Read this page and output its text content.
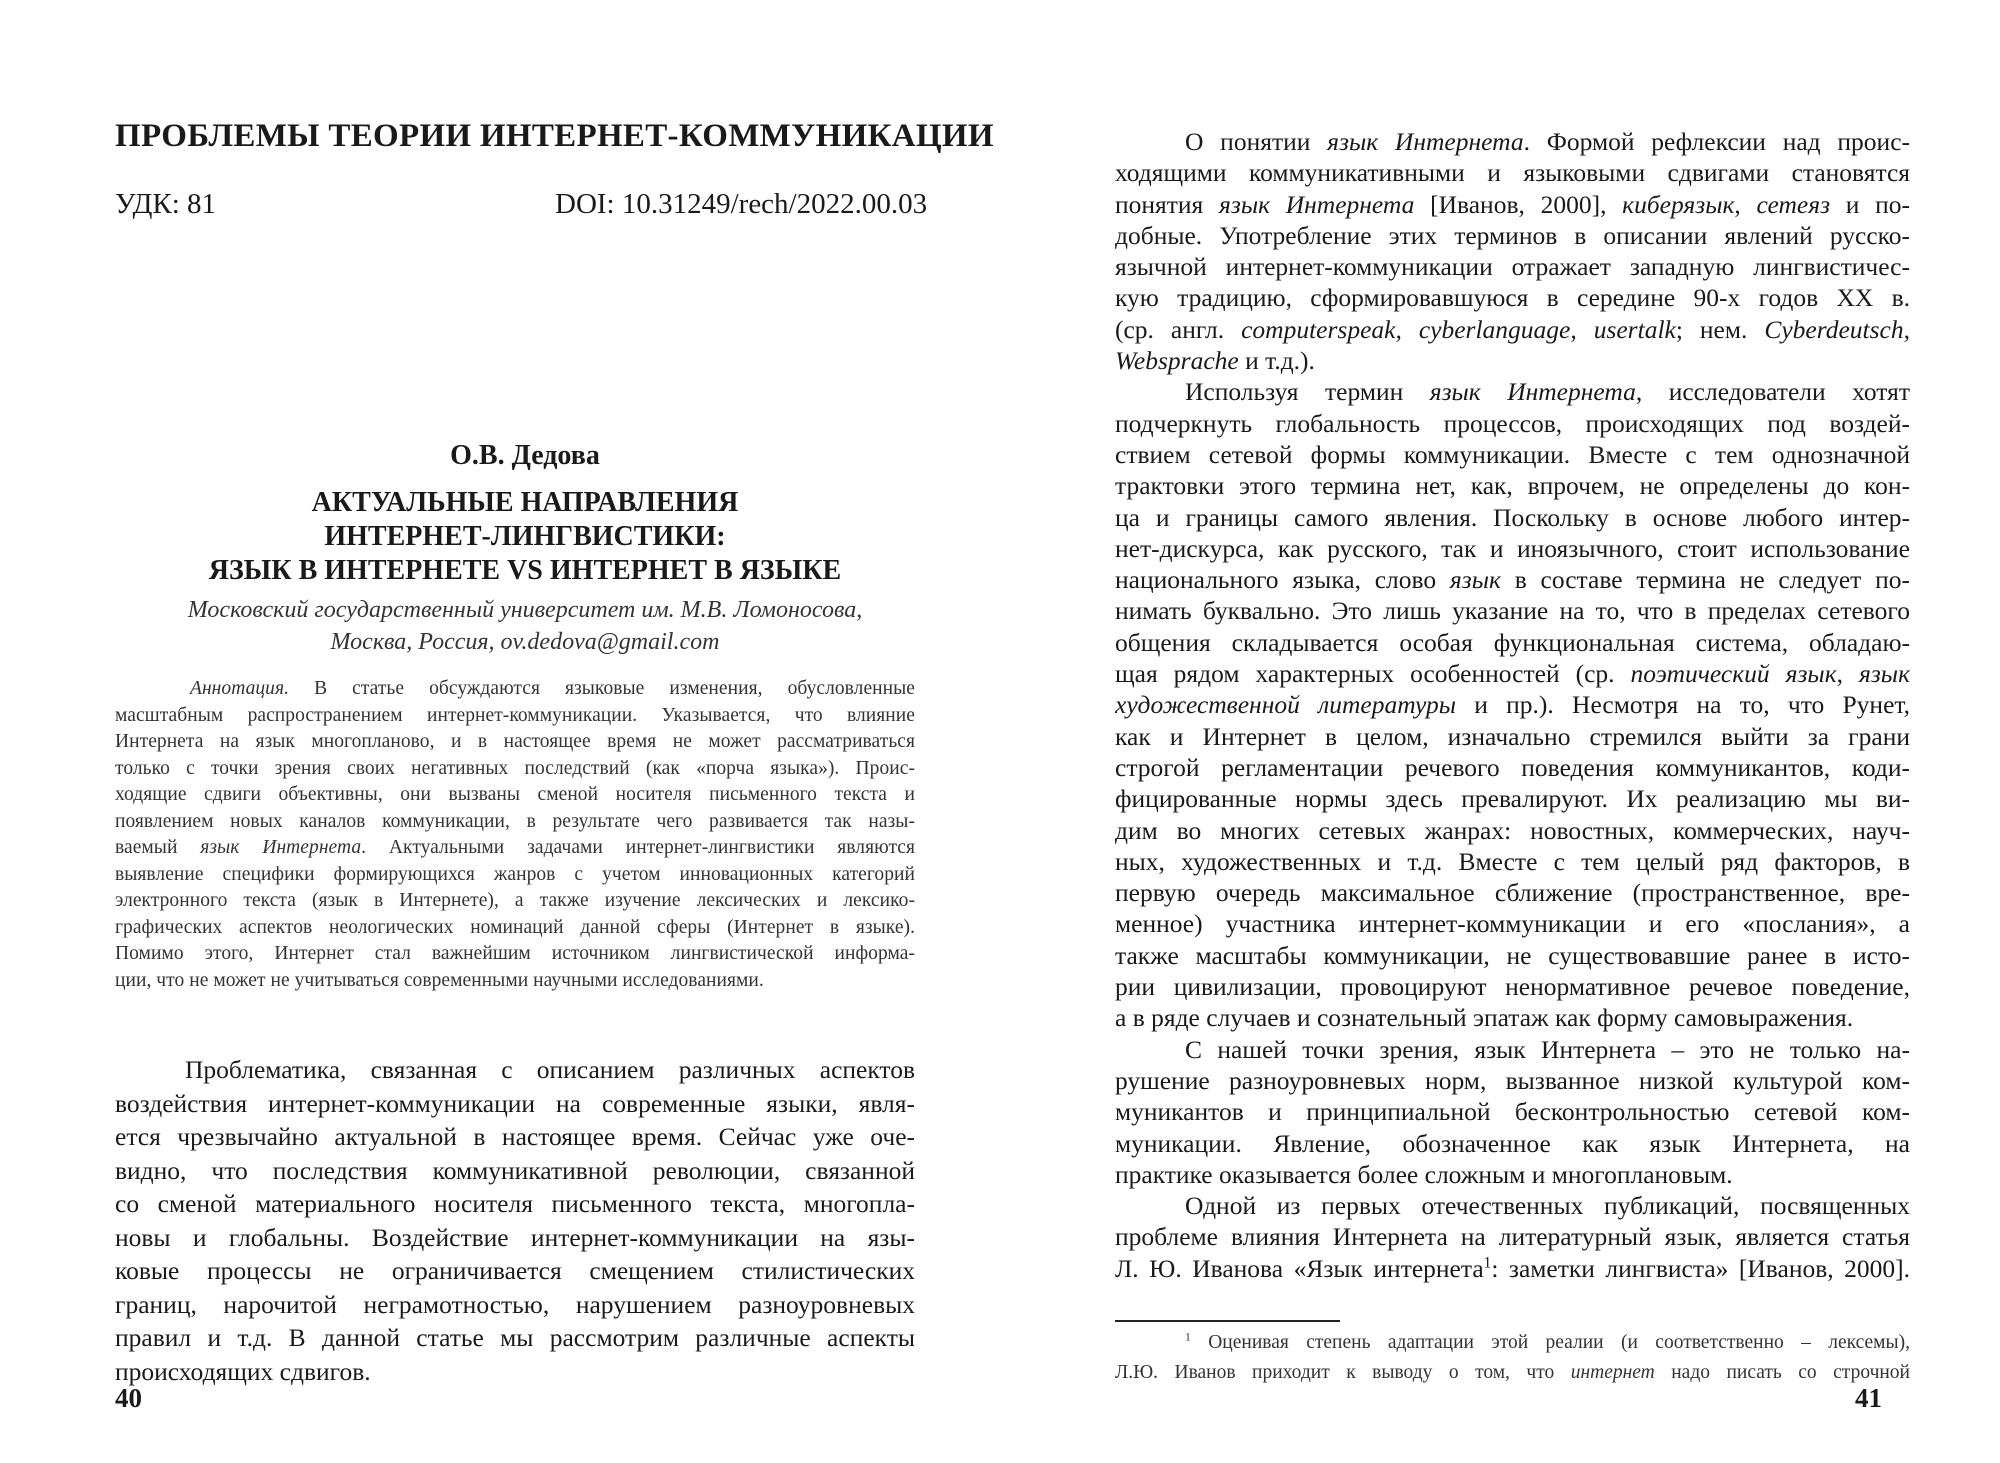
ПРОБЛЕМЫ ТЕОРИИ ИНТЕРНЕТ-КОММУНИКАЦИИ
УДК: 81	DOI: 10.31249/rech/2022.00.03
О.В. Дедова
АКТУАЛЬНЫЕ НАПРАВЛЕНИЯ
ИНТЕРНЕТ-ЛИНГВИСТИКИ:
ЯЗЫК В ИНТЕРНЕТЕ VS ИНТЕРНЕТ В ЯЗЫКЕ
Московский государственный университет им. М.В. Ломоносова,
Москва, Россия, ov.dedova@gmail.com
Аннотация. В статье обсуждаются языковые изменения, обусловленные
масштабным распространением интернет-коммуникации. Указывается, что влияние
Интернета на язык многопланово, и в настоящее время не может рассматриваться
только с точки зрения своих негативных последствий (как «порча языка»). Проис-
ходящие сдвиги объективны, они вызваны сменой носителя письменного текста и
появлением новых каналов коммуникации, в результате чего развивается так назы-
ваемый язык Интернета. Актуальными задачами интернет-лингвистики являются
выявление специфики формирующихся жанров с учетом инновационных категорий
электронного текста (язык в Интернете), а также изучение лексических и лексико-
графических аспектов неологических номинаций данной сферы (Интернет в языке).
Помимо этого, Интернет стал важнейшим источником лингвистической информа-
ции, что не может не учитываться современными научными исследованиями.
Проблематика, связанная с описанием различных аспектов
воздействия интернет-коммуникации на современные языки, явля-
ется чрезвычайно актуальной в настоящее время. Сейчас уже оче-
видно, что последствия коммуникативной революции, связанной
со сменой материального носителя письменного текста, многопла-
новы и глобальны. Воздействие интернет-коммуникации на язы-
ковые процессы не ограничивается смещением стилистических
границ, нарочитой неграмотностью, нарушением разноуровневых
правил и т.д. В данной статье мы рассмотрим различные аспекты
происходящих сдвигов.
40
О понятии язык Интернета. Формой рефлексии над проис-
ходящими коммуникативными и языковыми сдвигами становятся
понятия язык Интернета [Иванов, 2000], киберязык, сетеяз и по-
добные. Употребление этих терминов в описании явлений русско-
язычной интернет-коммуникации отражает западную лингвистичес-
кую традицию, сформировавшуюся в середине 90-х годов XX в.
(ср. англ. computerspeak, cyberlanguage, usertalk; нем. Cyberdeutsch,
Websprache и т.д.).
Используя термин язык Интернета, исследователи хотят
подчеркнуть глобальность процессов, происходящих под воздей-
ствием сетевой формы коммуникации. Вместе с тем однозначной
трактовки этого термина нет, как, впрочем, не определены до кон-
ца и границы самого явления. Поскольку в основе любого интер-
нет-дискурса, как русского, так и иноязычного, стоит использование
национального языка, слово язык в составе термина не следует по-
нимать буквально. Это лишь указание на то, что в пределах сетевого
общения складывается особая функциональная система, обладаю-
щая рядом характерных особенностей (ср. поэтический язык, язык
художественной литературы и пр.). Несмотря на то, что Рунет,
как и Интернет в целом, изначально стремился выйти за грани
строгой регламентации речевого поведения коммуникантов, коди-
фицированные нормы здесь превалируют. Их реализацию мы ви-
дим во многих сетевых жанрах: новостных, коммерческих, науч-
ных, художественных и т.д. Вместе с тем целый ряд факторов, в
первую очередь максимальное сближение (пространственное, вре-
менное) участника интернет-коммуникации и его «послания», а
также масштабы коммуникации, не существовавшие ранее в исто-
рии цивилизации, провоцируют ненормативное речевое поведение,
а в ряде случаев и сознательный эпатаж как форму самовыражения.
С нашей точки зрения, язык Интернета – это не только на-
рушение разноуровневых норм, вызванное низкой культурой ком-
муникантов и принципиальной бесконтрольностью сетевой ком-
муникации. Явление, обозначенное как язык Интернета, на
практике оказывается более сложным и многоплановым.
Одной из первых отечественных публикаций, посвященных
проблеме влияния Интернета на литературный язык, является статья
Л. Ю. Иванова «Язык интернета$^1$: заметки лингвиста» [Иванов, 2000].
$^1$ Оценивая степень адаптации этой реалии (и соответственно – лексемы),
Л.Ю. Иванов приходит к выводу о том, что интернет надо писать со строчной
41
